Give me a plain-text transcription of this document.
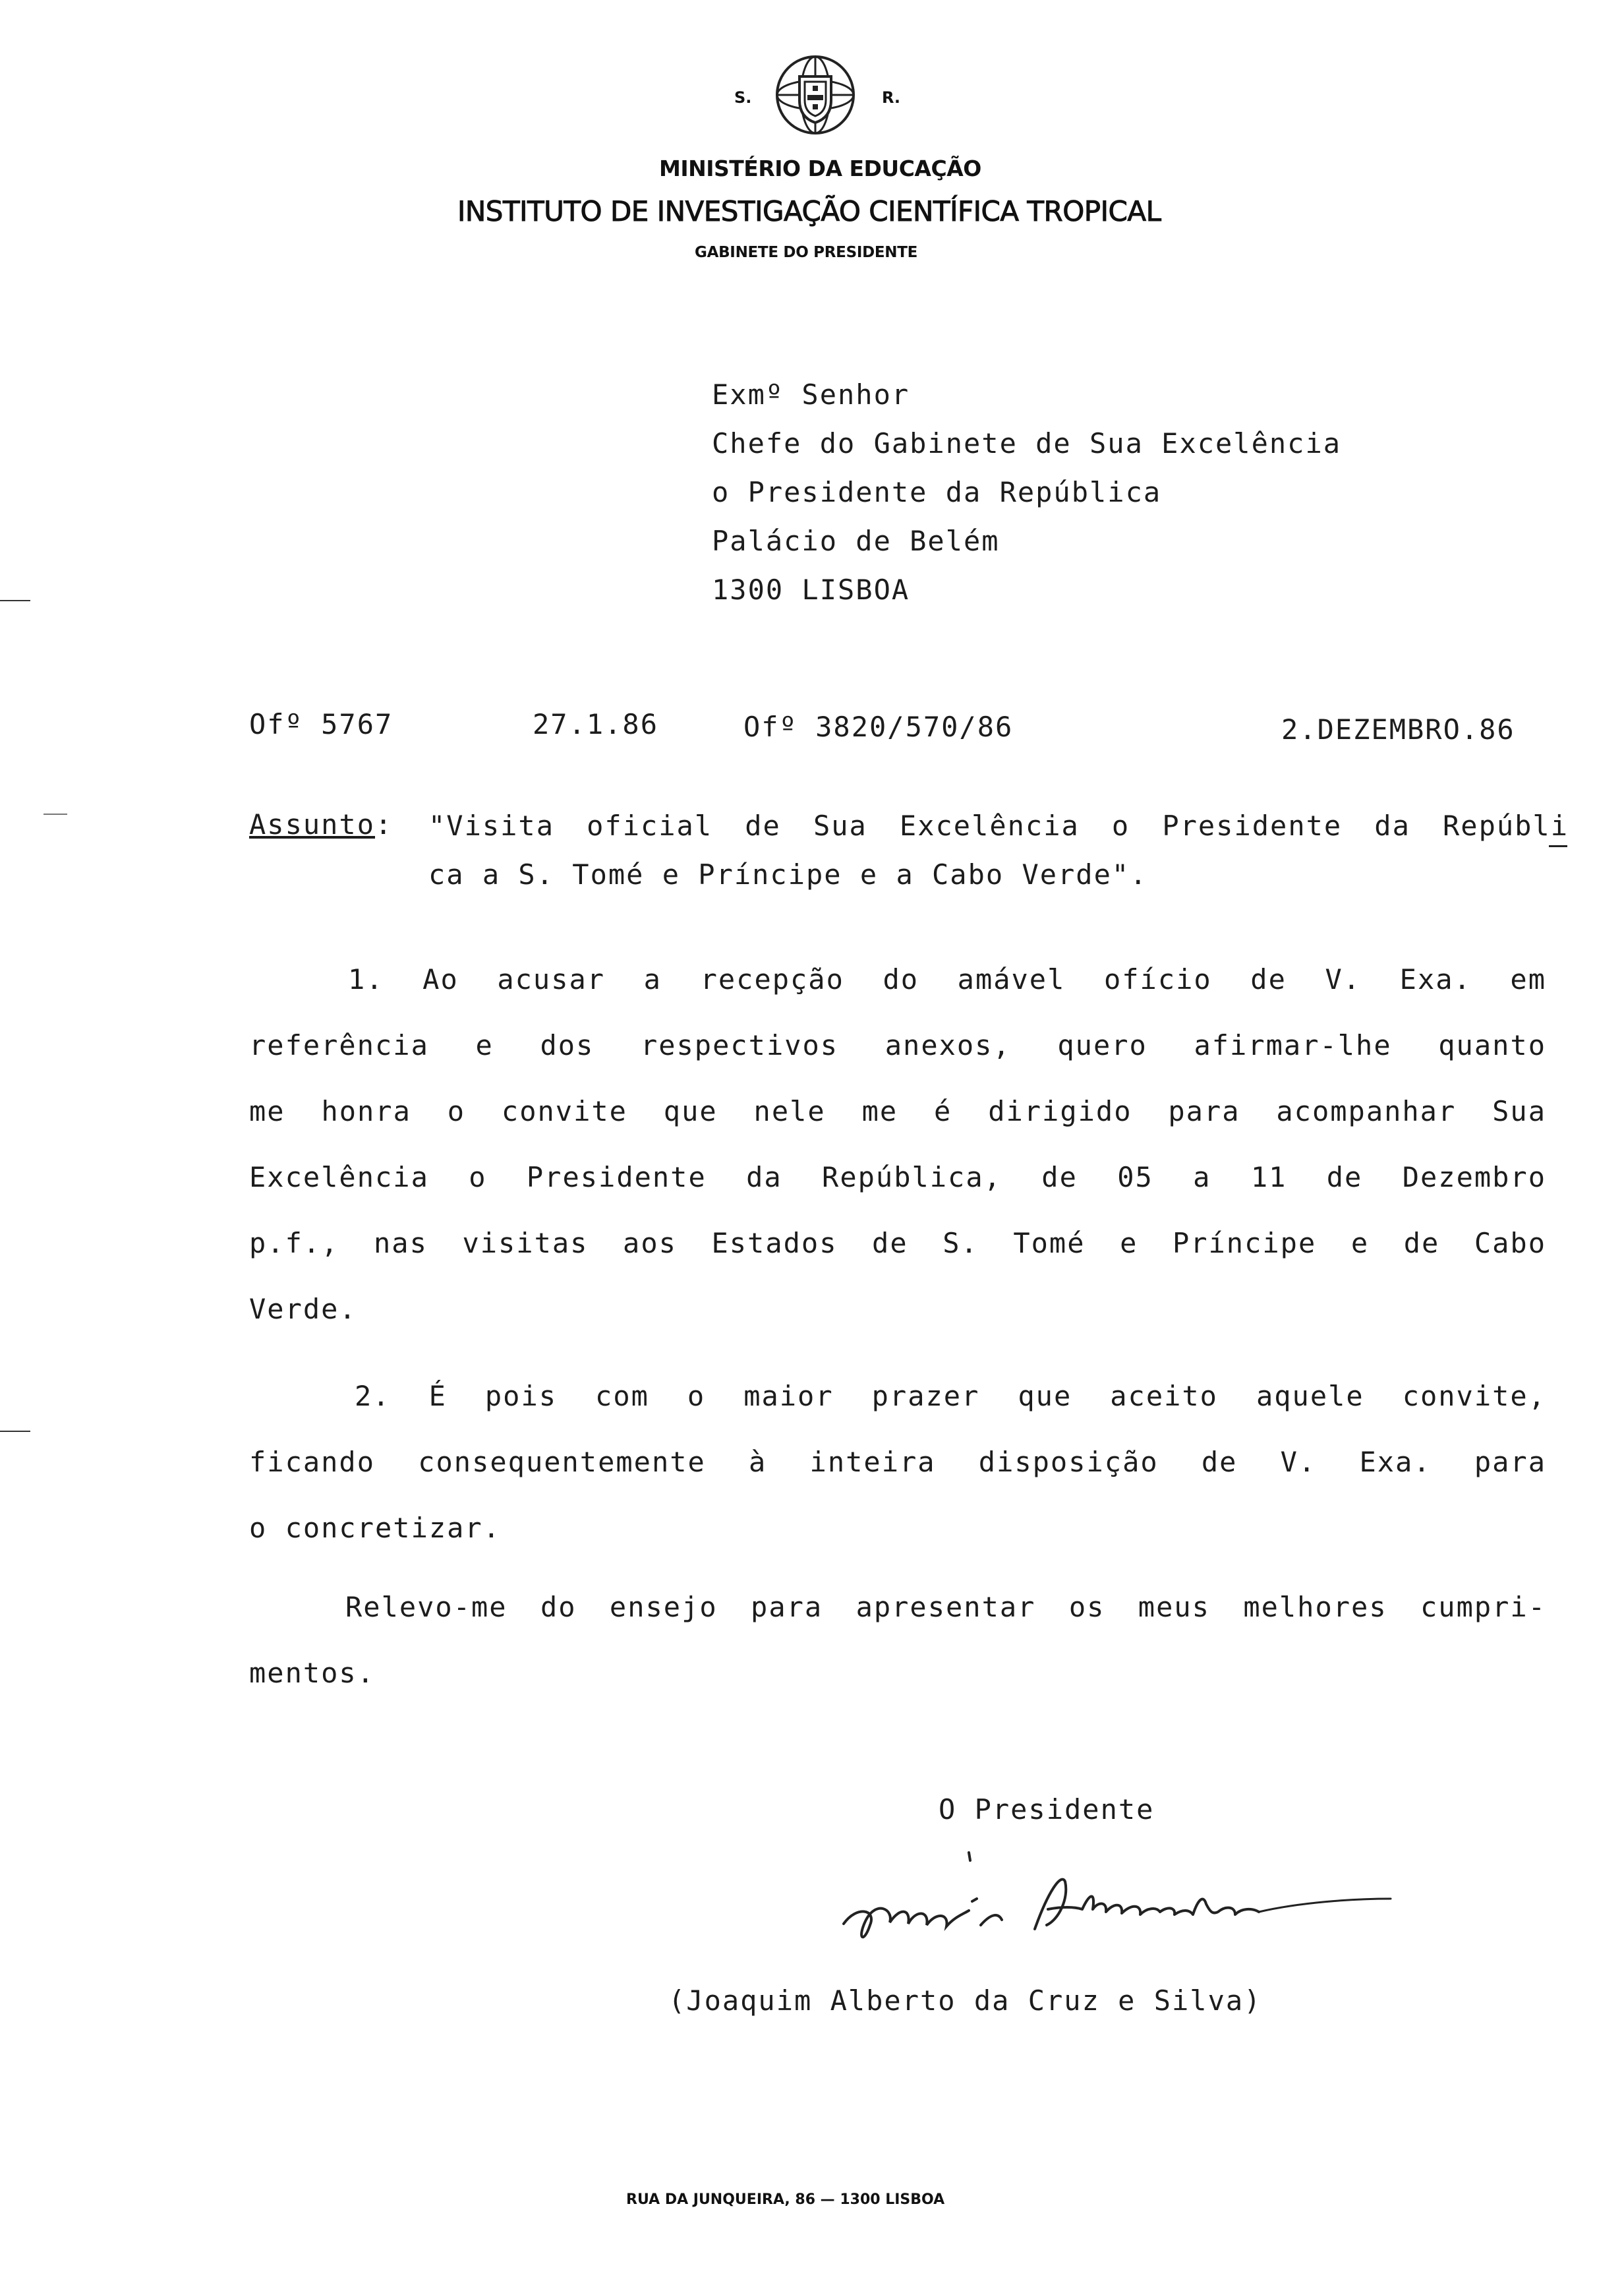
S.	R.
MINISTÉRIO DA EDUCAÇÃO
INSTITUTO DE INVESTIGAÇÃO CIENTÍFICA TROPICAL
GABINETE DO PRESIDENTE
Exmº Senhor
Chefe do Gabinete de Sua Excelência
o Presidente da República
Palácio de Belém
1300 LISBOA
Ofº 5767	27.1.86	Ofº 3820/570/86	2.DEZEMBRO.86
Assunto: "Visita oficial de Sua Excelência o Presidente da Repúbli
ca a S. Tomé e Príncipe e a Cabo Verde".
1. Ao acusar a recepção do amável ofício de V. Exa. em
referência e dos respectivos anexos, quero afirmar-lhe quanto
me honra o convite que nele me é dirigido para acompanhar Sua
Excelência o Presidente da República, de 05 a 11 de Dezembro
p.f., nas visitas aos Estados de S. Tomé e Príncipe e de Cabo
Verde.
2. É pois com o maior prazer que aceito aquele convite,
ficando consequentemente à inteira disposição de V. Exa. para
o concretizar.
Relevo-me do ensejo para apresentar os meus melhores cumpri-
mentos.
O Presidente
(Joaquim Alberto da Cruz e Silva)
RUA DA JUNQUEIRA, 86 — 1300 LISBOA
